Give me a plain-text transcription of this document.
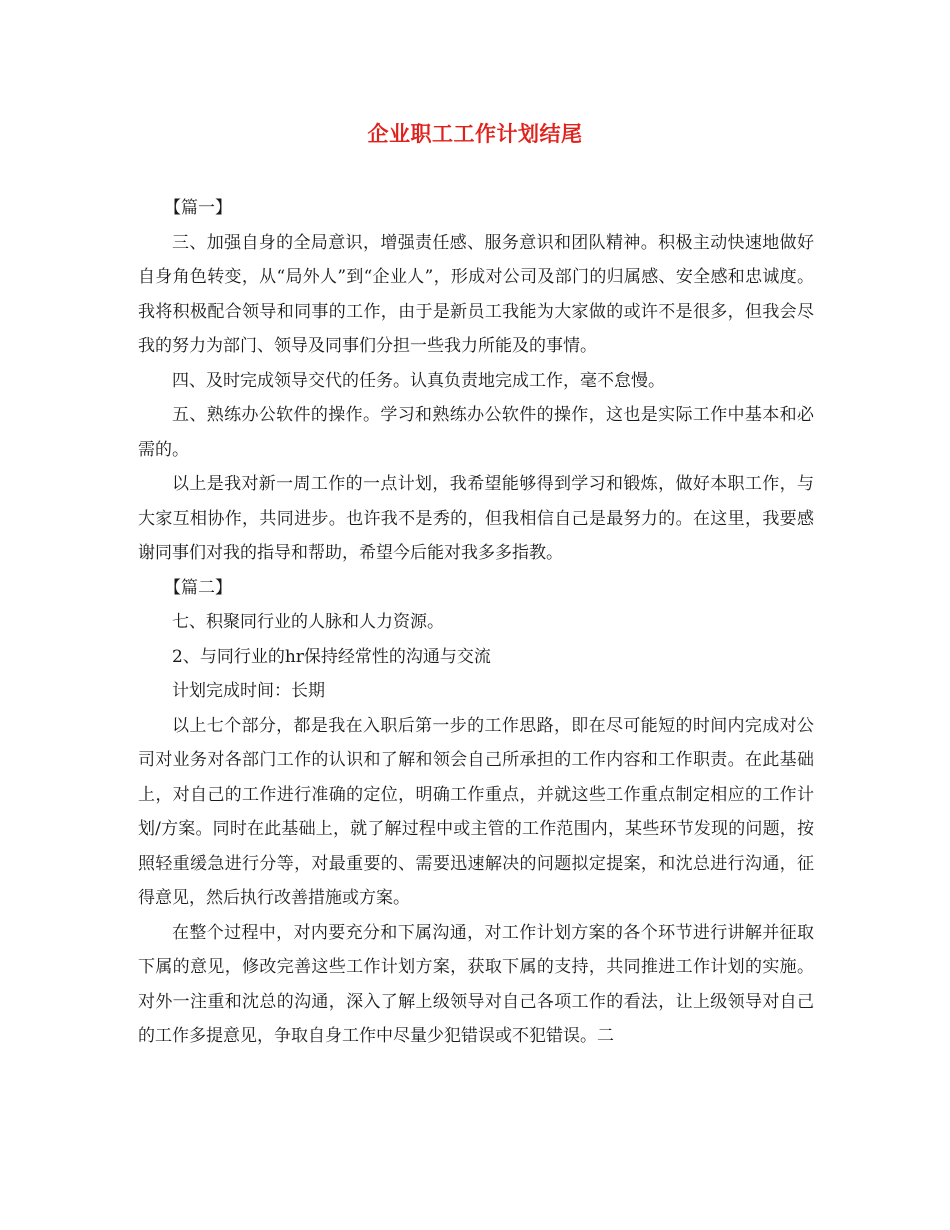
企业职工工作计划结尾

【篇一】

三、加强自身的全局意识，增强责任感、服务意识和团队精神。积极主动快速地做好自身角色转变，从“局外人”到“企业人”，形成对公司及部门的归属感、安全感和忠诚度。我将积极配合领导和同事的工作，由于是新员工我能为大家做的或许不是很多，但我会尽我的努力为部门、领导及同事们分担一些我力所能及的事情。

四、及时完成领导交代的任务。认真负责地完成工作，毫不怠慢。

五、熟练办公软件的操作。学习和熟练办公软件的操作，这也是实际工作中基本和必需的。

以上是我对新一周工作的一点计划，我希望能够得到学习和锻炼，做好本职工作，与大家互相协作，共同进步。也许我不是秀的，但我相信自己是最努力的。在这里，我要感谢同事们对我的指导和帮助，希望今后能对我多多指教。

【篇二】

七、积聚同行业的人脉和人力资源。

2、与同行业的hr保持经常性的沟通与交流

计划完成时间：长期

以上七个部分，都是我在入职后第一步的工作思路，即在尽可能短的时间内完成对公司对业务对各部门工作的认识和了解和领会自己所承担的工作内容和工作职责。在此基础上，对自己的工作进行准确的定位，明确工作重点，并就这些工作重点制定相应的工作计划/方案。同时在此基础上，就了解过程中或主管的工作范围内，某些环节发现的问题，按照轻重缓急进行分等，对最重要的、需要迅速解决的问题拟定提案，和沈总进行沟通，征得意见，然后执行改善措施或方案。

在整个过程中，对内要充分和下属沟通，对工作计划方案的各个环节进行讲解并征取下属的意见，修改完善这些工作计划方案，获取下属的支持，共同推进工作计划的实施。对外一注重和沈总的沟通，深入了解上级领导对自己各项工作的看法，让上级领导对自己的工作多提意见，争取自身工作中尽量少犯错误或不犯错误。二
